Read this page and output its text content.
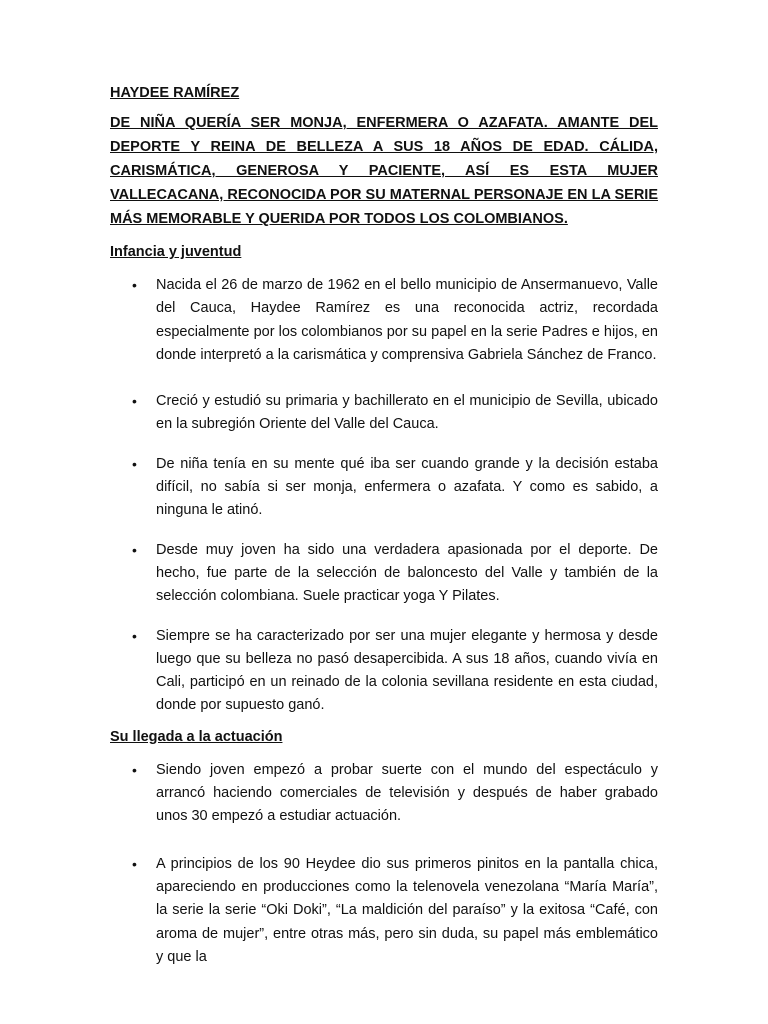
HAYDEE RAMÍREZ
DE NIÑA QUERÍA SER MONJA, ENFERMERA O AZAFATA. AMANTE DEL DEPORTE Y REINA DE BELLEZA A SUS 18 AÑOS DE EDAD. CÁLIDA, CARISMÁTICA, GENEROSA Y PACIENTE, ASÍ ES ESTA MUJER VALLECACANA, RECONOCIDA POR SU MATERNAL PERSONAJE EN LA SERIE MÁS MEMORABLE Y QUERIDA POR TODOS LOS COLOMBIANOS.
Infancia y juventud
• Nacida el 26 de marzo de 1962 en el bello municipio de Ansermanuevo, Valle del Cauca, Haydee Ramírez es una reconocida actriz, recordada especialmente por los colombianos por su papel en la serie Padres e hijos, en donde interpretó a la carismática y comprensiva Gabriela Sánchez de Franco.
• Creció y estudió su primaria y bachillerato en el municipio de Sevilla, ubicado en la subregión Oriente del Valle del Cauca.
• De niña tenía en su mente qué iba ser cuando grande y la decisión estaba difícil, no sabía si ser monja, enfermera o azafata. Y como es sabido, a ninguna le atinó.
• Desde muy joven ha sido una verdadera apasionada por el deporte. De hecho, fue parte de la selección de baloncesto del Valle y también de la selección colombiana. Suele practicar yoga Y Pilates.
• Siempre se ha caracterizado por ser una mujer elegante y hermosa y desde luego que su belleza no pasó desapercibida. A sus 18 años, cuando vivía en Cali, participó en un reinado de la colonia sevillana residente en esta ciudad, donde por supuesto ganó.
Su llegada a la actuación
• Siendo joven empezó a probar suerte con el mundo del espectáculo y arrancó haciendo comerciales de televisión y después de haber grabado unos 30 empezó a estudiar actuación.
• A principios de los 90 Heydee dio sus primeros pinitos en la pantalla chica, apareciendo en producciones como la telenovela venezolana “María María”, la serie la serie “Oki Doki”, “La maldición del paraíso” y la exitosa “Café, con aroma de mujer”, entre otras más, pero sin duda, su papel más emblemático y que la
